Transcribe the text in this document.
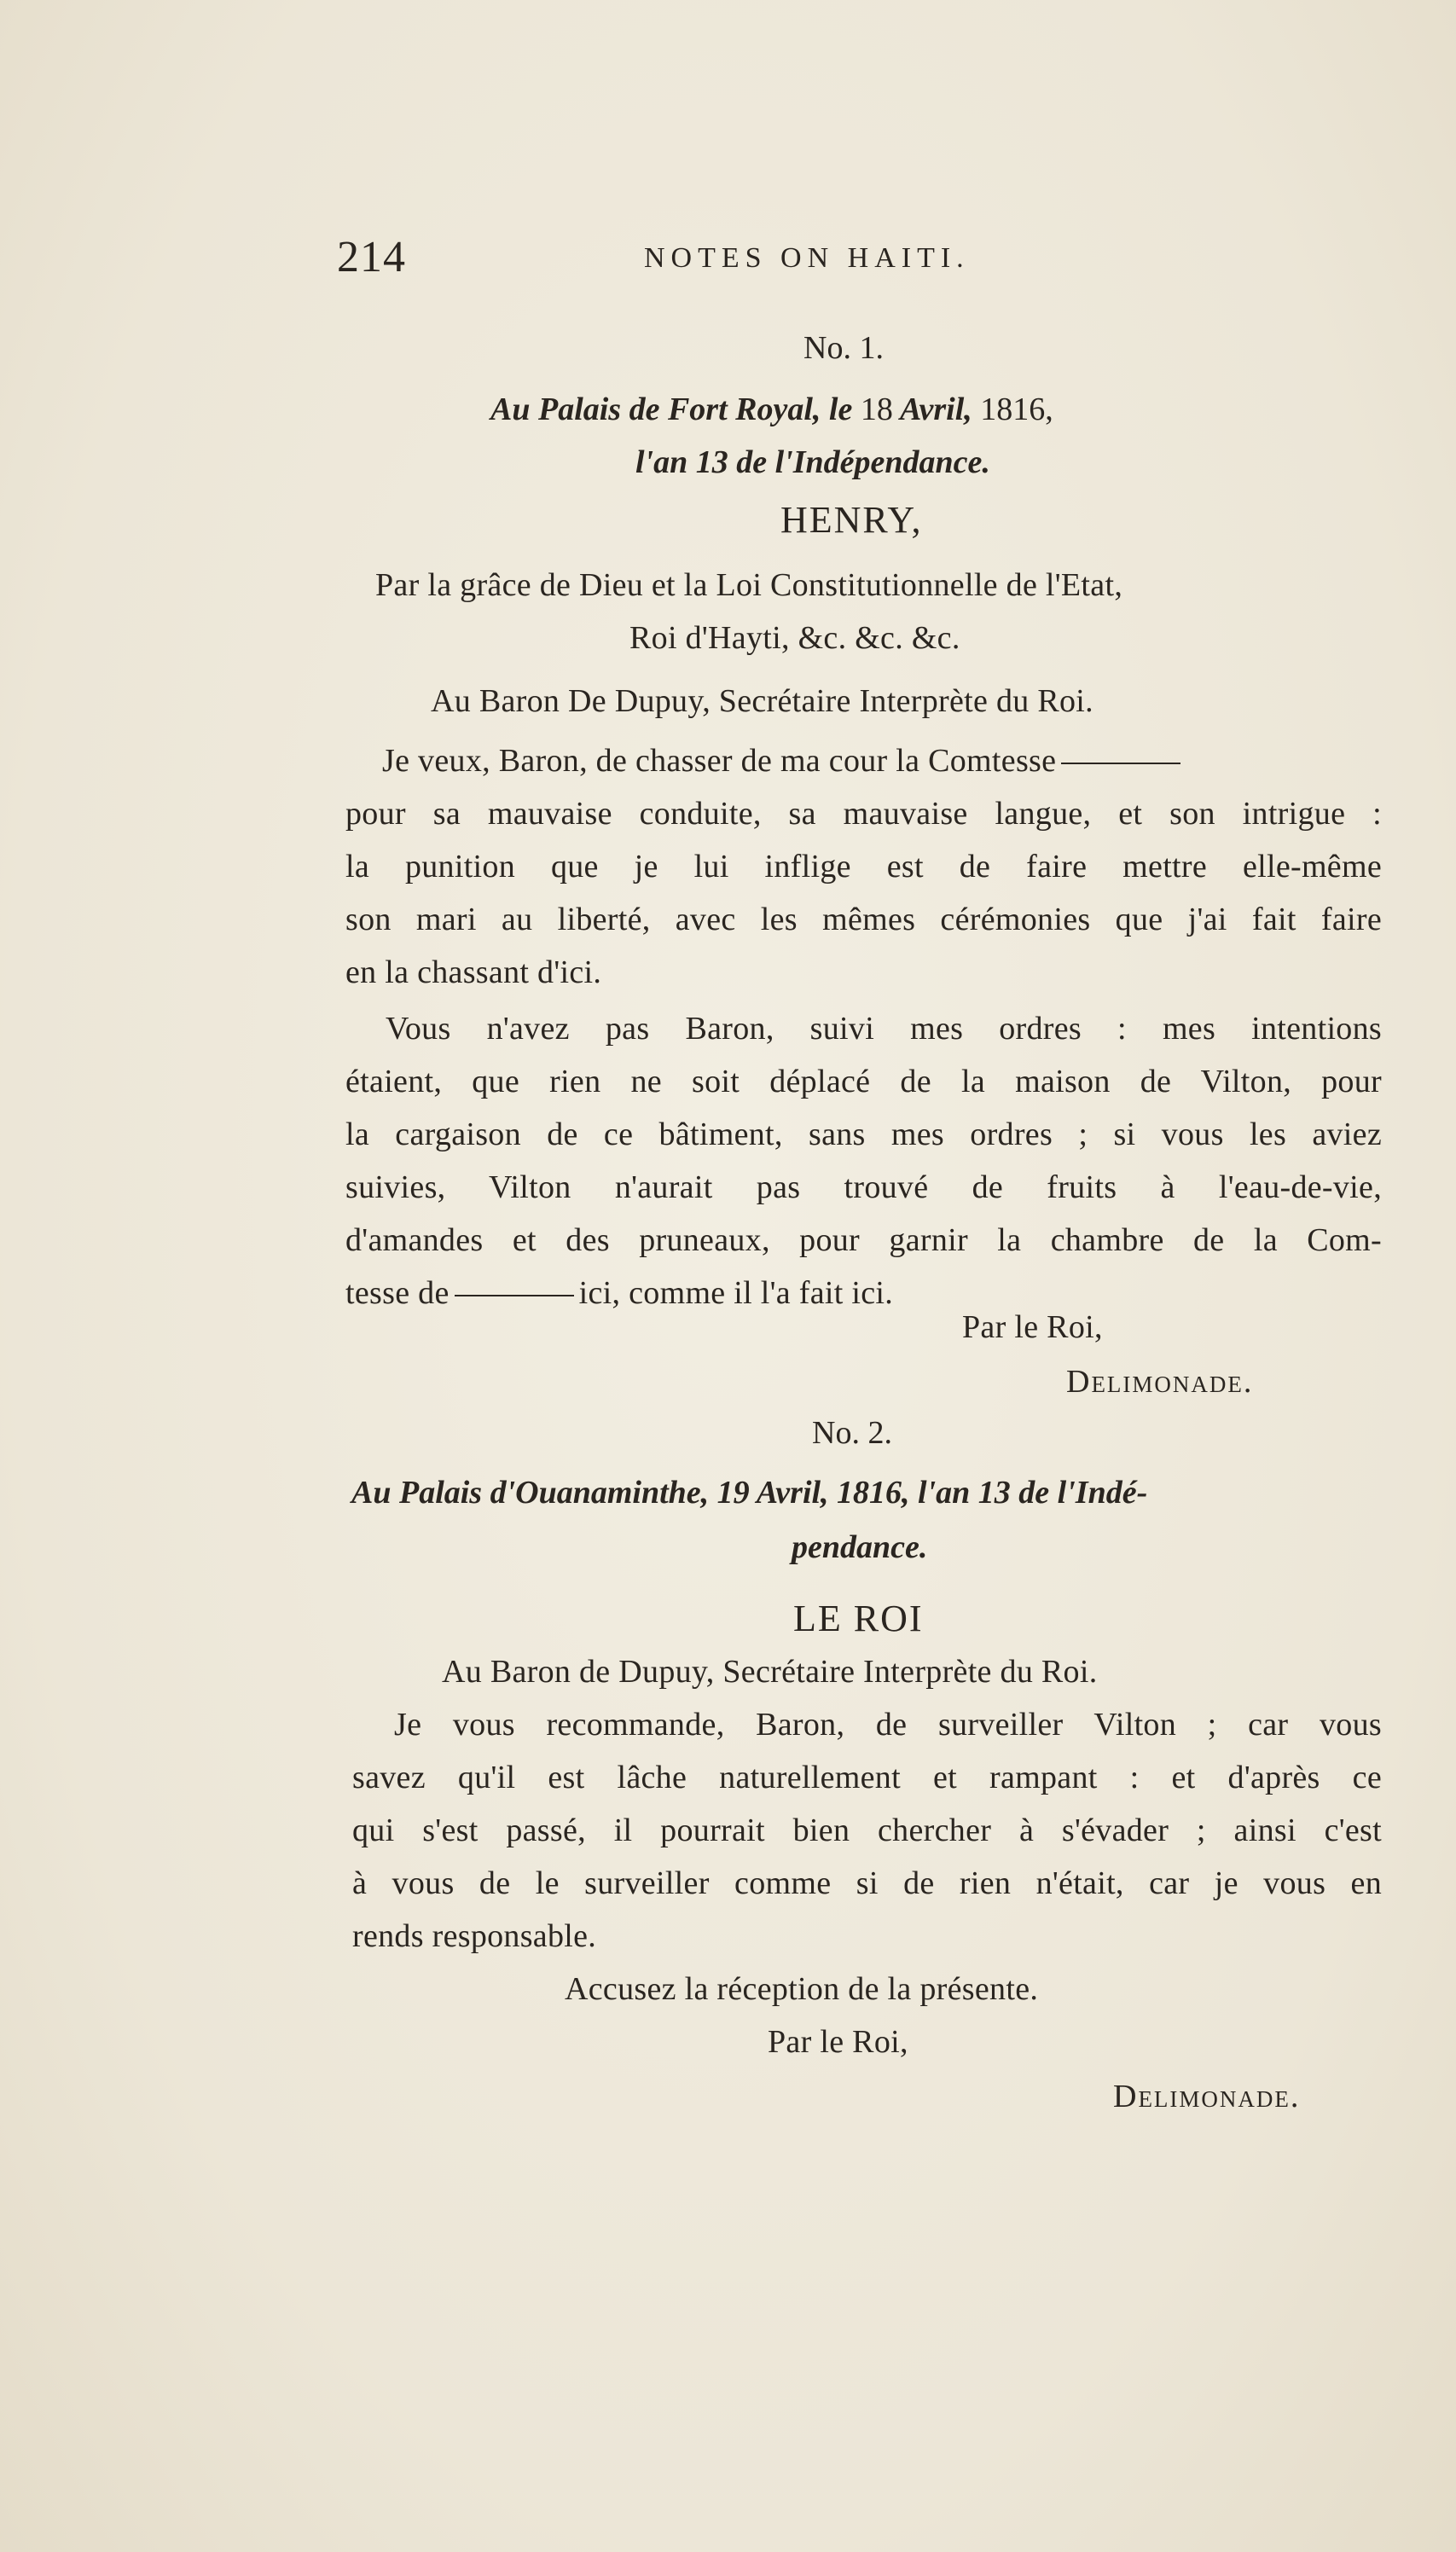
214	NOTES ON HAITI.
No. 1.
Au Palais de Fort Royal, le 18 Avril, 1816,
l'an 13 de l'Indépendance.
HENRY,
Par la grâce de Dieu et la Loi Constitutionnelle de l'Etat,
Roi d'Hayti, &c. &c. &c.
Au Baron De Dupuy, Secrétaire Interprète du Roi.
Je veux, Baron, de chasser de ma cour la Comtesse
pour sa mauvaise conduite, sa mauvaise langue, et son intrigue :
la punition que je lui inflige est de faire mettre elle-même
son mari au liberté, avec les mêmes cérémonies que j'ai fait faire
en la chassant d'ici.
Vous n'avez pas Baron, suivi mes ordres : mes intentions
étaient, que rien ne soit déplacé de la maison de Vilton, pour
la cargaison de ce bâtiment, sans mes ordres ; si vous les aviez
suivies, Vilton n'aurait pas trouvé de fruits à l'eau-de-vie,
d'amandes et des pruneaux, pour garnir la chambre de la Com-
tesse de	ici, comme il l'a fait ici.
Par le Roi,
Delimonade.
No. 2.
Au Palais d'Ouanaminthe, 19 Avril, 1816, l'an 13 de l'Indé-
pendance.
LE ROI
Au Baron de Dupuy, Secrétaire Interprète du Roi.
Je vous recommande, Baron, de surveiller Vilton ; car vous
savez qu'il est lâche naturellement et rampant : et d'après ce
qui s'est passé, il pourrait bien chercher à s'évader ; ainsi c'est
à vous de le surveiller comme si de rien n'était, car je vous en
rends responsable.
Accusez la réception de la présente.
Par le Roi,
Delimonade.
